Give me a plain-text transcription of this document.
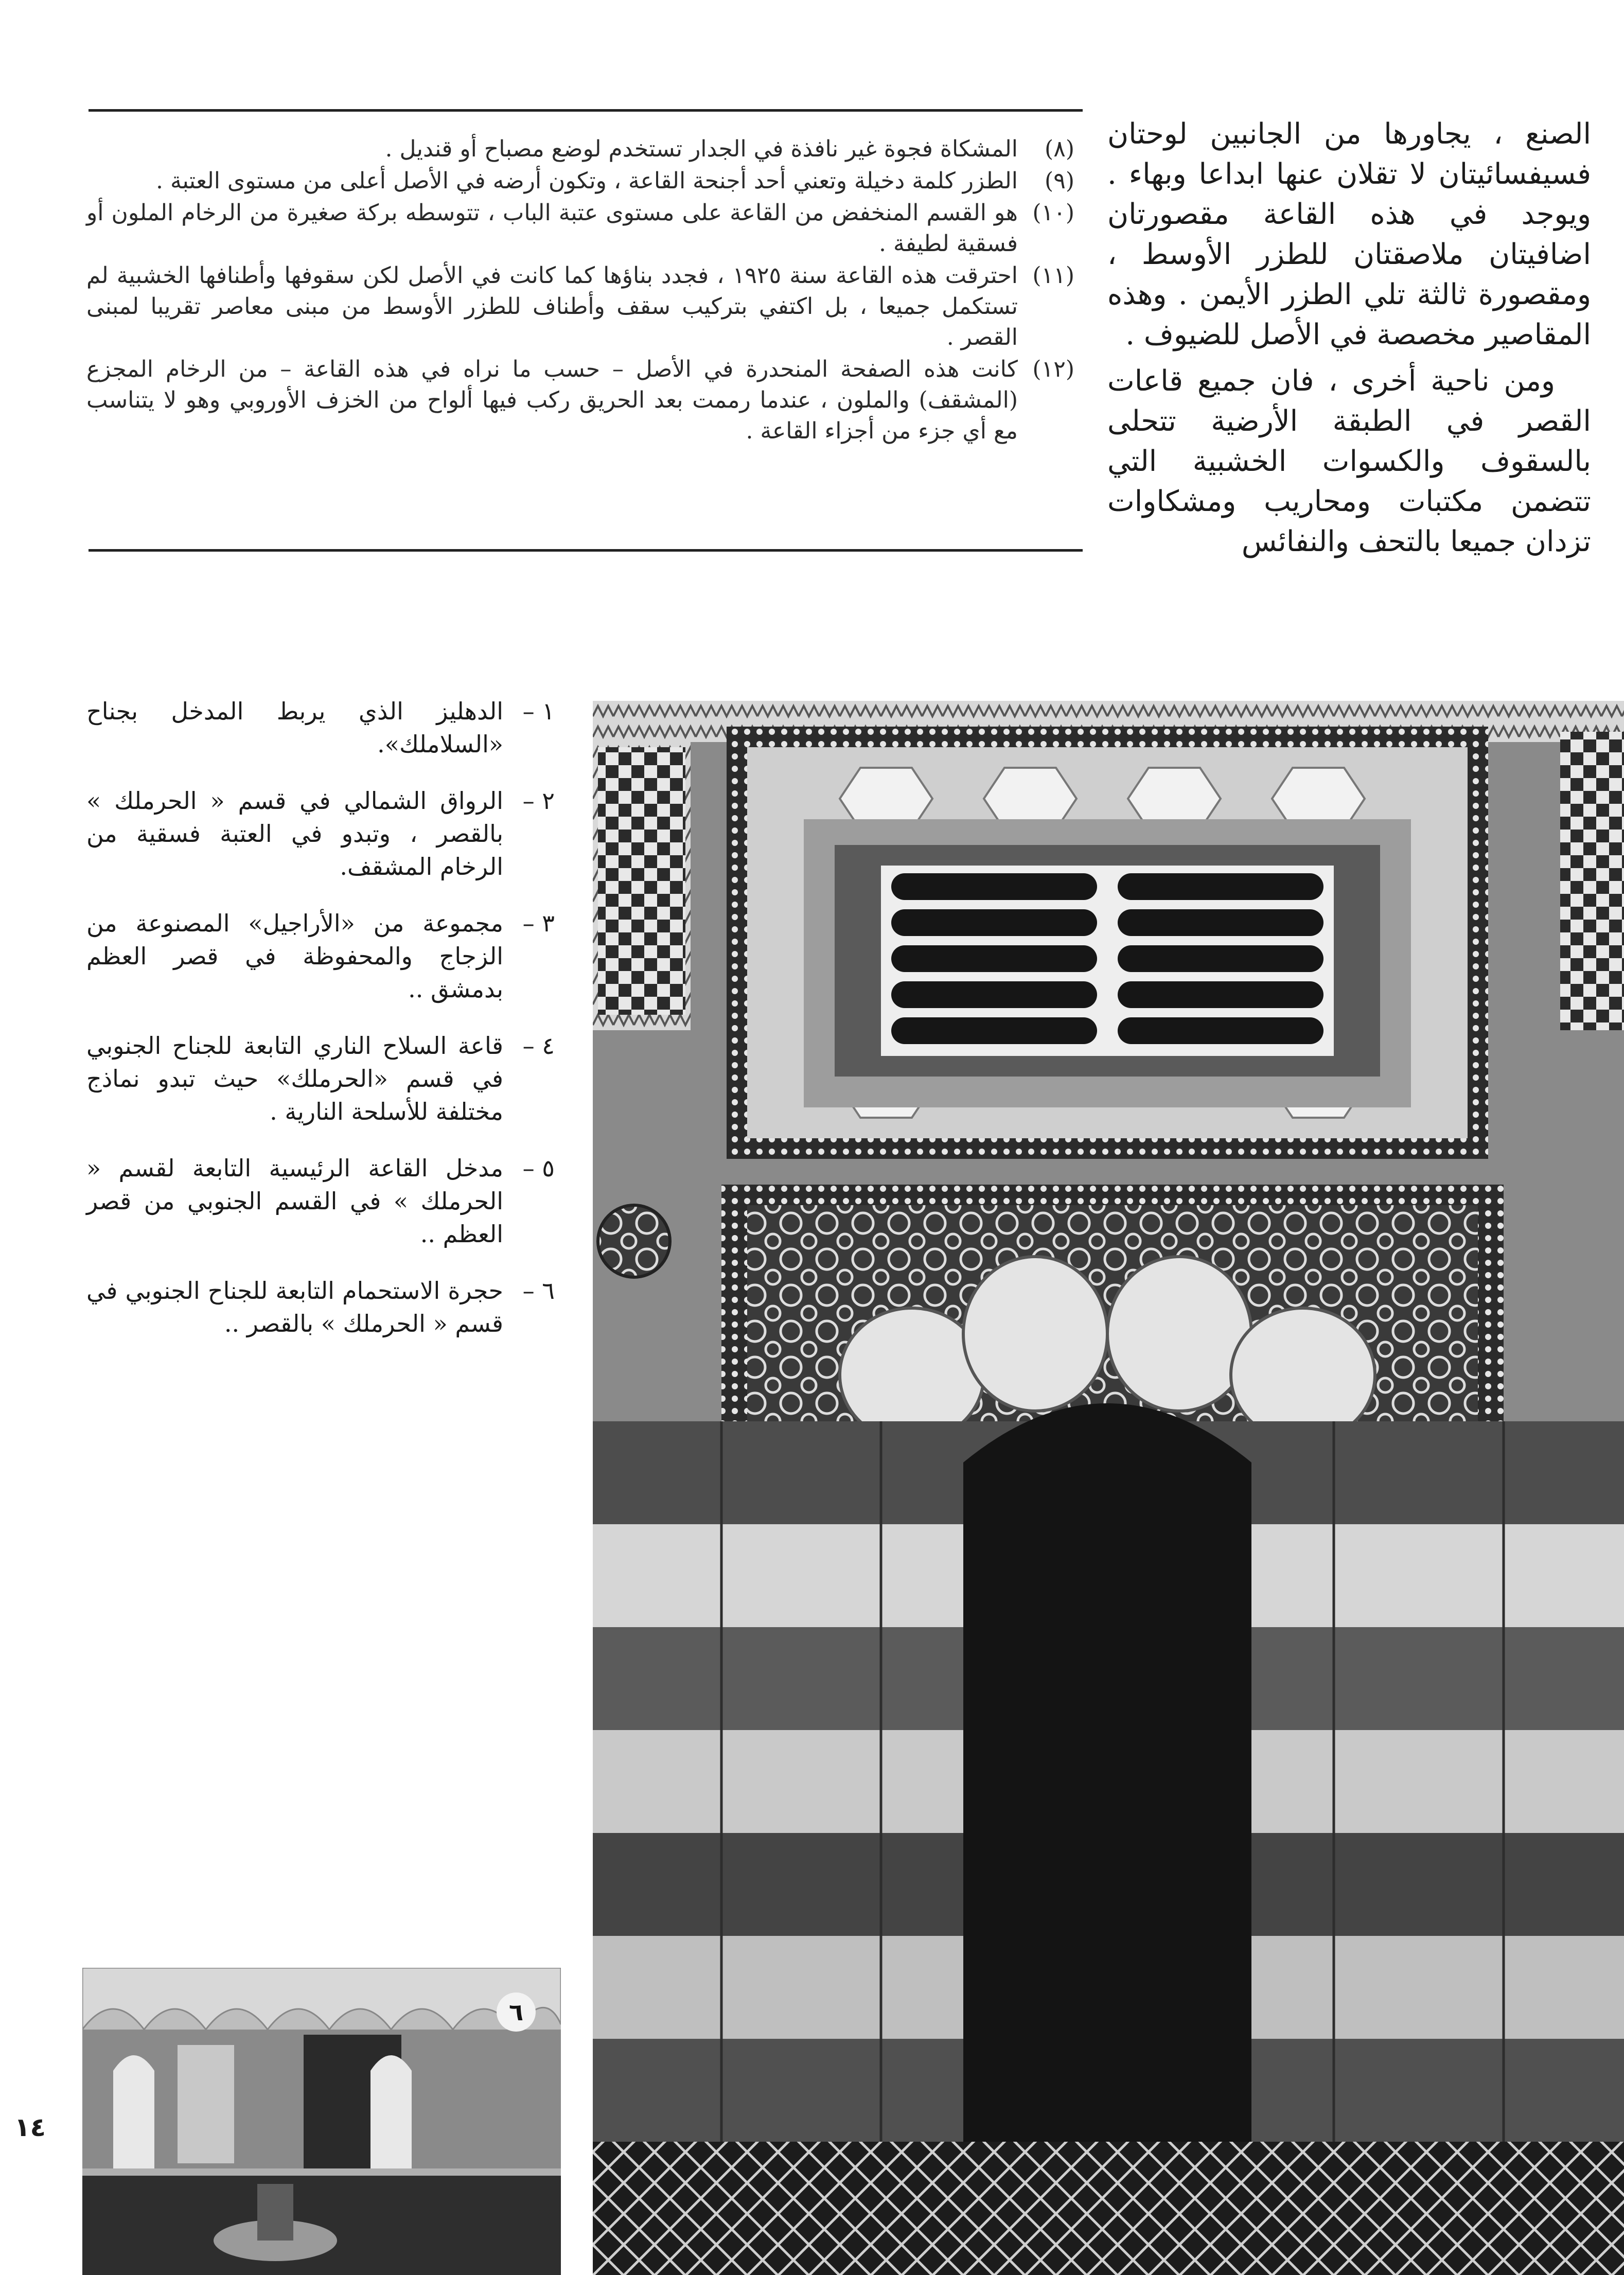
الصنع ، يجاورها من الجانبين لوحتان فسيفسائيتان لا تقلان عنها ابداعا وبهاء . ويوجد في هذه القاعة مقصورتان اضافيتان ملاصقتان للطزر الأوسط ، ومقصورة ثالثة تلي الطزر الأيمن . وهذه المقاصير مخصصة في الأصل للضيوف .

ومن ناحية أخرى ، فان جميع قاعات القصر في الطبقة الأرضية تتحلى بالسقوف والكسوات الخشبية التي تتضمن مكتبات ومحاريب ومشكاوات تزدان جميعا بالتحف والنفائس

(٨)
المشكاة فجوة غير نافذة في الجدار تستخدم لوضع مصباح أو قنديل .
(٩)
الطزر كلمة دخيلة وتعني أحد أجنحة القاعة ، وتكون أرضه في الأصل أعلى من مستوى العتبة .
(١٠)
هو القسم المنخفض من القاعة على مستوى عتبة الباب ، تتوسطه بركة صغيرة من الرخام الملون أو فسقية لطيفة .
(١١)
احترقت هذه القاعة سنة ١٩٢٥ ، فجدد بناؤها كما كانت في الأصل لكن سقوفها وأطنافها الخشبية لم تستكمل جميعا ، بل اكتفي بتركيب سقف وأطناف للطزر الأوسط من مبنى معاصر تقريبا لمبنى القصر .
(١٢)
كانت هذه الصفحة المنحدرة في الأصل – حسب ما نراه في هذه القاعة – من الرخام المجزع (المشقف) والملون ، عندما رممت بعد الحريق ركب فيها ألواح من الخزف الأوروبي وهو لا يتناسب مع أي جزء من أجزاء القاعة .
١ –
الدهليز الذي يربط المدخل بجناح «السلاملك».
٢ –
الرواق الشمالي في قسم « الحرملك » بالقصر ، وتبدو في العتبة فسقية من الرخام المشقف.
٣ –
مجموعة من «الأراجيل» المصنوعة من الزجاج والمحفوظة في قصر العظم بدمشق ..
٤ –
قاعة السلاح الناري التابعة للجناح الجنوبي في قسم «الحرملك» حيث تبدو نماذج مختلفة للأسلحة النارية .
٥ –
مدخل القاعة الرئيسية التابعة لقسم « الحرملك » في القسم الجنوبي من قصر العظم ..
٦ –
حجرة الاستحمام التابعة للجناح الجنوبي في قسم « الحرملك » بالقصر ..
١٤
٦
